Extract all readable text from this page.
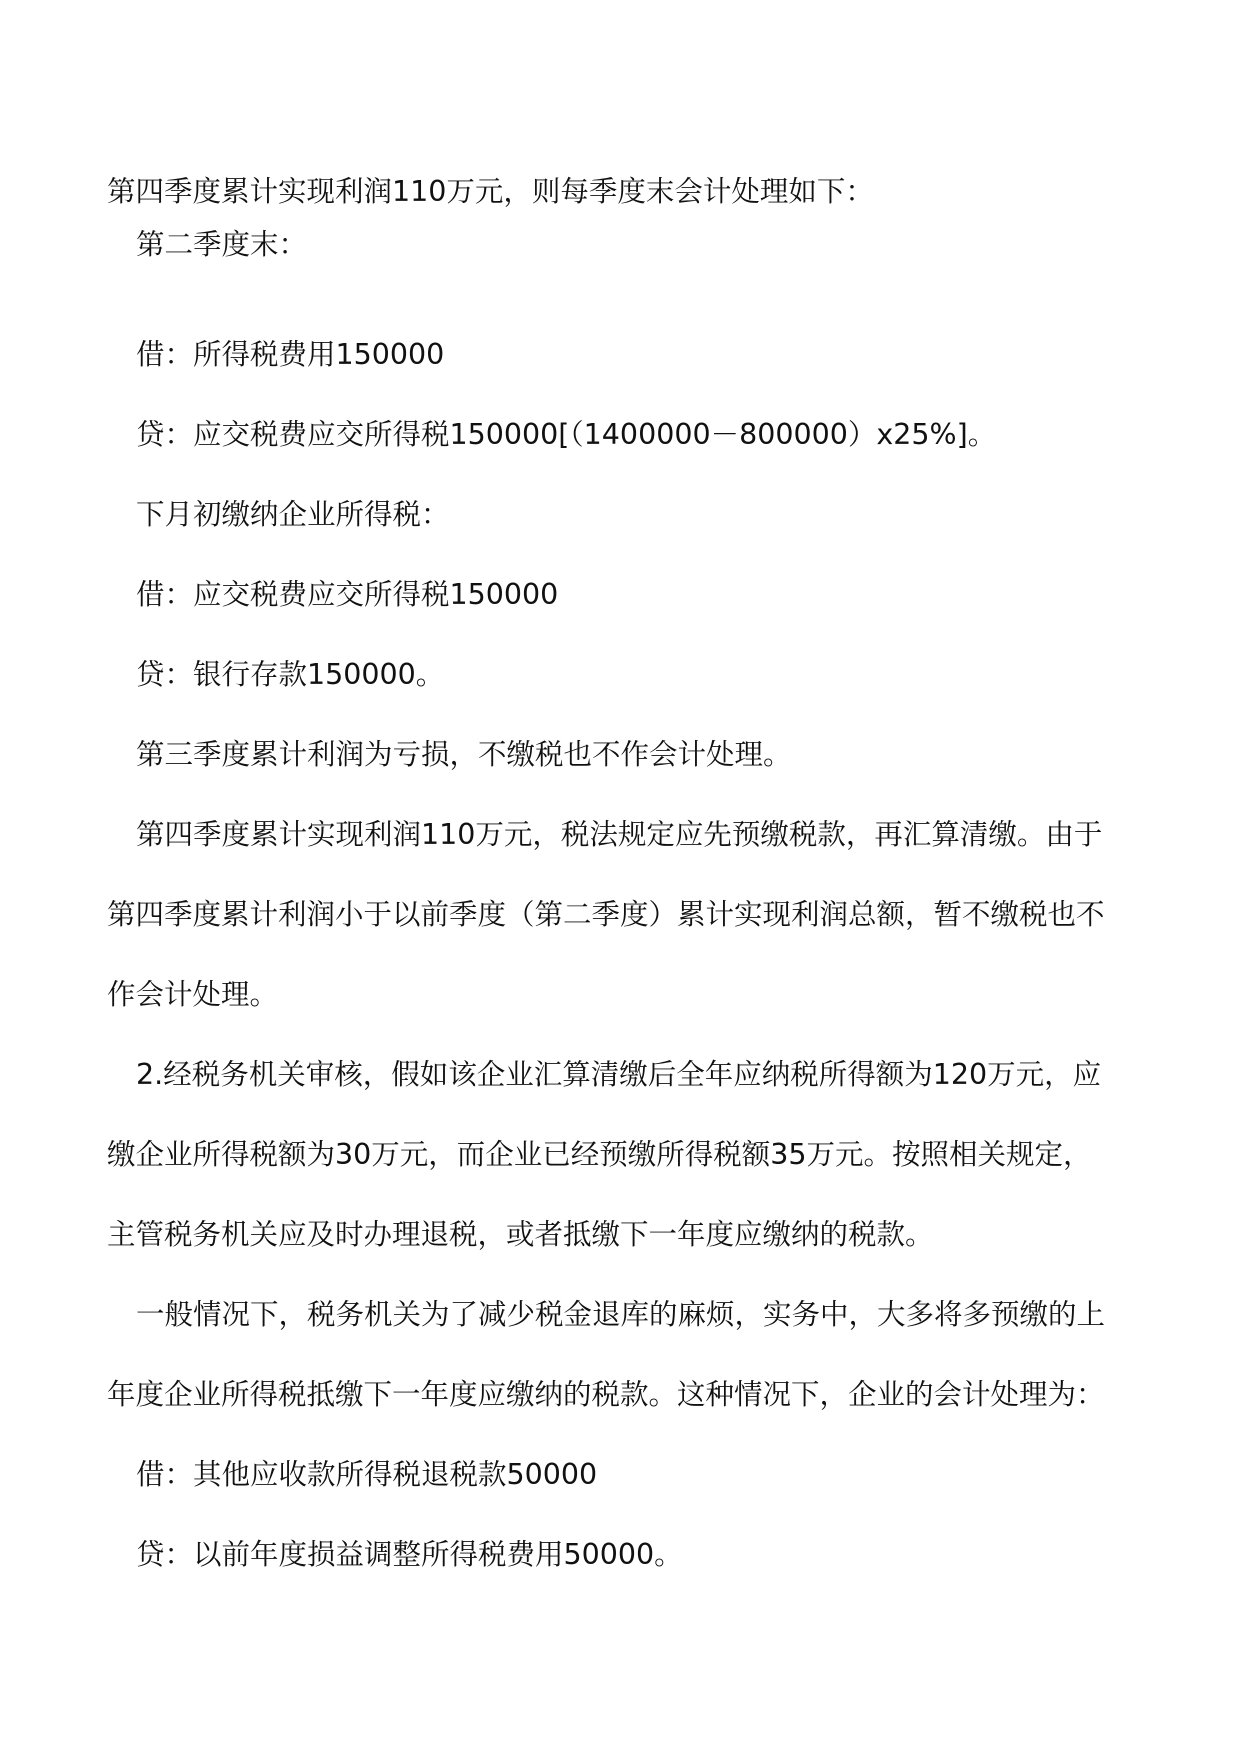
第四季度累计实现利润110万元，则每季度末会计处理如下：
第二季度末：
借：所得税费用150000
贷：应交税费应交所得税150000[（1400000－800000）x25%]。
下月初缴纳企业所得税：
借：应交税费应交所得税150000
贷：银行存款150000。
第三季度累计利润为亏损，不缴税也不作会计处理。
第四季度累计实现利润110万元，税法规定应先预缴税款，再汇算清缴。由于
第四季度累计利润小于以前季度（第二季度）累计实现利润总额，暂不缴税也不
作会计处理。
2.经税务机关审核，假如该企业汇算清缴后全年应纳税所得额为120万元，应
缴企业所得税额为30万元，而企业已经预缴所得税额35万元。按照相关规定，
主管税务机关应及时办理退税，或者抵缴下一年度应缴纳的税款。
一般情况下，税务机关为了减少税金退库的麻烦，实务中，大多将多预缴的上
年度企业所得税抵缴下一年度应缴纳的税款。这种情况下，企业的会计处理为：
借：其他应收款所得税退税款50000
贷：以前年度损益调整所得税费用50000。
